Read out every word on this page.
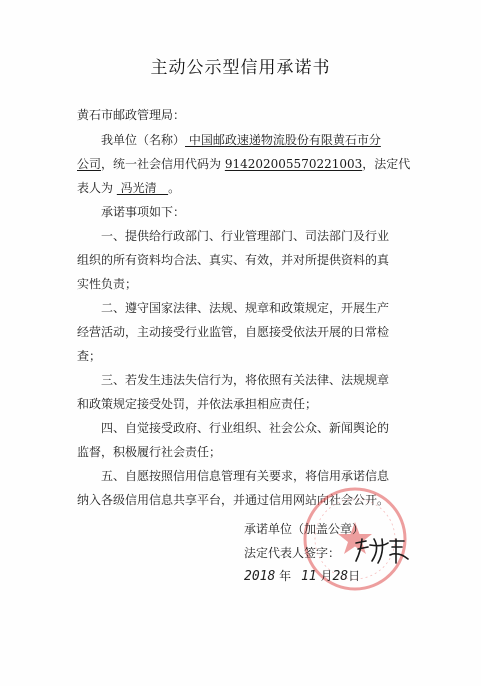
主动公示型信用承诺书
黄石市邮政管理局：
我单位（名称） 中国邮政速递物流股份有限黄石市分
公司，统一社会信用代码为 914202005570221003，法定代
表人为  冯光清   。
承诺事项如下：
一、提供给行政部门、行业管理部门、司法部门及行业
组织的所有资料均合法、真实、有效，并对所提供资料的真
实性负责；
二、遵守国家法律、法规、规章和政策规定，开展生产
经营活动，主动接受行业监管，自愿接受依法开展的日常检
查；
三、若发生违法失信行为，将依照有关法律、法规规章
和政策规定接受处罚，并依法承担相应责任；
四、自觉接受政府、行业组织、社会公众、新闻舆论的
监督，积极履行社会责任；
五、自愿按照信用信息管理有关要求，将信用承诺信息
纳入各级信用信息共享平台，并通过信用网站向社会公开。
承诺单位（加盖公章）
法定代表人签字：
2018 年 11 月28日
